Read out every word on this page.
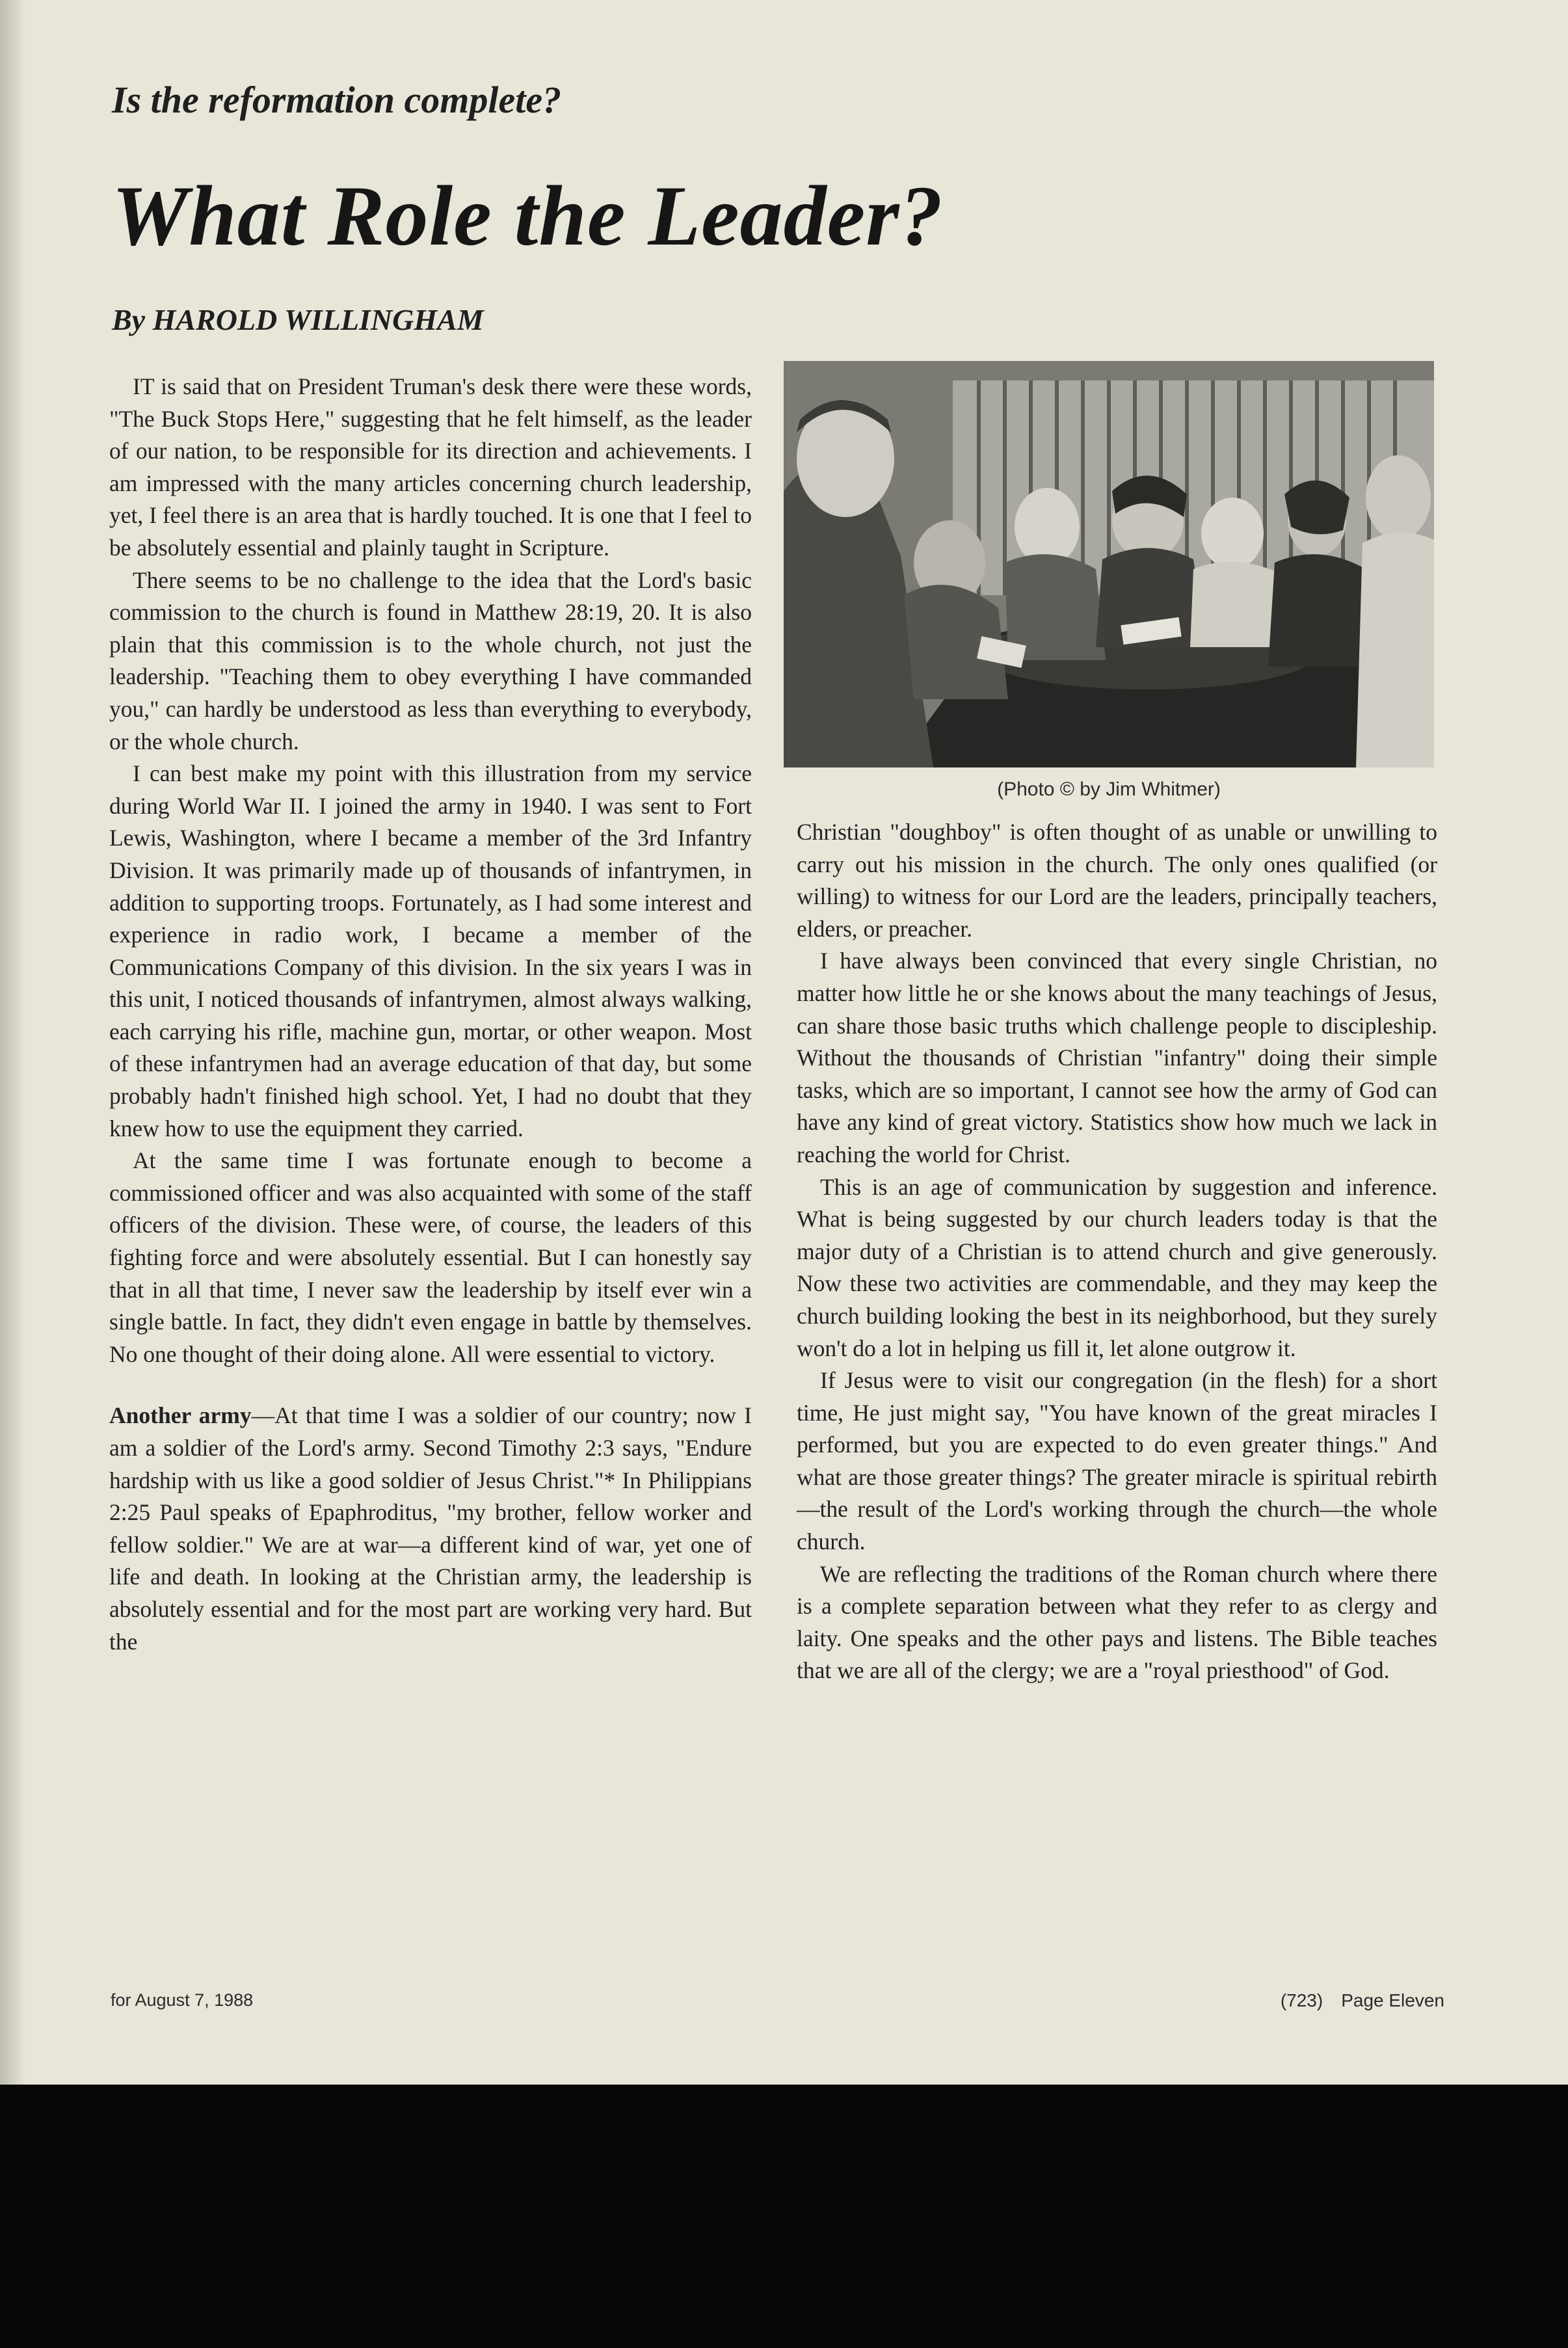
Is the reformation complete?
What Role the Leader?
By HAROLD WILLINGHAM

IT is said that on President Truman's desk there were these words, "The Buck Stops Here," suggesting that he felt himself, as the leader of our nation, to be responsible for its direction and achievements. I am impressed with the many articles concerning church leadership, yet, I feel there is an area that is hardly touched. It is one that I feel to be absolutely essential and plainly taught in Scripture.

There seems to be no challenge to the idea that the Lord's basic commission to the church is found in Matthew 28:19, 20. It is also plain that this commission is to the whole church, not just the leadership. "Teaching them to obey everything I have commanded you," can hardly be understood as less than everything to everybody, or the whole church.

I can best make my point with this illustration from my service during World War II. I joined the army in 1940. I was sent to Fort Lewis, Washington, where I became a member of the 3rd Infantry Division. It was primarily made up of thousands of infantrymen, in addition to supporting troops. Fortunately, as I had some interest and experience in radio work, I became a member of the Communications Company of this division. In the six years I was in this unit, I noticed thousands of infantrymen, almost always walking, each carrying his rifle, machine gun, mortar, or other weapon. Most of these infantrymen had an average education of that day, but some probably hadn't finished high school. Yet, I had no doubt that they knew how to use the equipment they carried.

At the same time I was fortunate enough to become a commissioned officer and was also acquainted with some of the staff officers of the division. These were, of course, the leaders of this fighting force and were absolutely essential. But I can honestly say that in all that time, I never saw the leadership by itself ever win a single battle. In fact, they didn't even engage in battle by themselves. No one thought of their doing alone. All were essential to victory.

Another army—At that time I was a soldier of our country; now I am a soldier of the Lord's army. Second Timothy 2:3 says, "Endure hardship with us like a good soldier of Jesus Christ."* In Philippians 2:25 Paul speaks of Epaphroditus, "my brother, fellow worker and fellow soldier." We are at war—a different kind of war, yet one of life and death. In looking at the Christian army, the leadership is absolutely essential and for the most part are working very hard. But the

(Photo © by Jim Whitmer)

Christian "doughboy" is often thought of as unable or unwilling to carry out his mission in the church. The only ones qualified (or willing) to witness for our Lord are the leaders, principally teachers, elders, or preacher.

I have always been convinced that every single Christian, no matter how little he or she knows about the many teachings of Jesus, can share those basic truths which challenge people to discipleship. Without the thousands of Christian "infantry" doing their simple tasks, which are so important, I cannot see how the army of God can have any kind of great victory. Statistics show how much we lack in reaching the world for Christ.

This is an age of communication by suggestion and inference. What is being suggested by our church leaders today is that the major duty of a Christian is to attend church and give generously. Now these two activities are commendable, and they may keep the church building looking the best in its neighborhood, but they surely won't do a lot in helping us fill it, let alone outgrow it.

If Jesus were to visit our congregation (in the flesh) for a short time, He just might say, "You have known of the great miracles I performed, but you are expected to do even greater things." And what are those greater things? The greater miracle is spiritual rebirth—the result of the Lord's working through the church—the whole church.

We are reflecting the traditions of the Roman church where there is a complete separation between what they refer to as clergy and laity. One speaks and the other pays and listens. The Bible teaches that we are all of the clergy; we are a "royal priesthood" of God.

for August 7, 1988	(723) Page Eleven
